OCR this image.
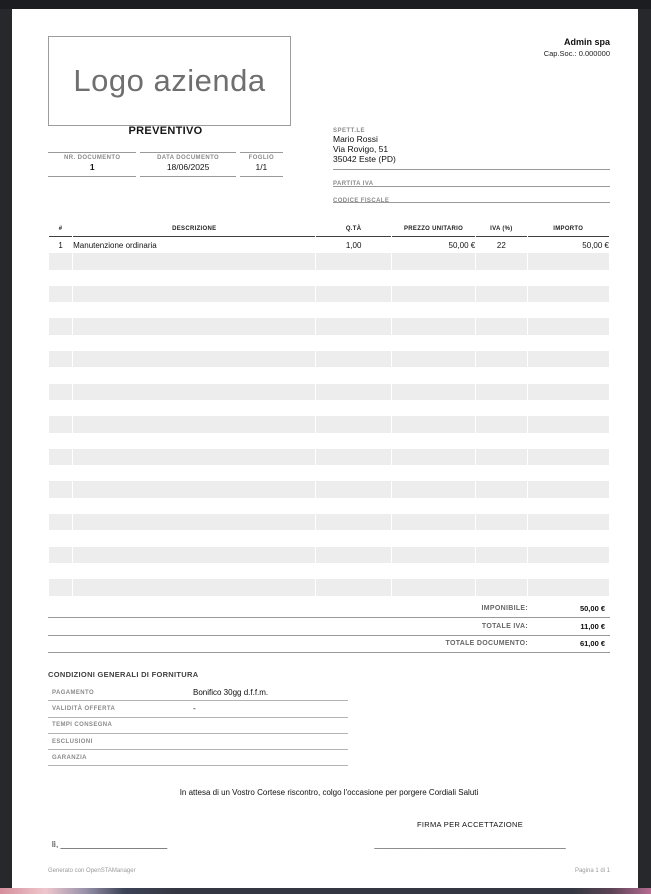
Logo azienda
Admin spa
Cap.Soc.: 0.000000
PREVENTIVO
NR. DOCUMENTO
1
DATA DOCUMENTO
18/06/2025
FOGLIO
1/1
SPETT.LE
Mario Rossi
Via Rovigo, 51
35042 Este (PD)
PARTITA IVA
CODICE FISCALE
#	DESCRIZIONE	Q.TÀ	PREZZO UNITARIO	IVA (%)	IMPORTO
1	Manutenzione ordinaria	1,00	50,00 €	22	50,00 €

IMPONIBILE:	50,00 €
TOTALE IVA:	11,00 €
TOTALE DOCUMENTO:	61,00 €
CONDIZIONI GENERALI DI FORNITURA
PAGAMENTO	Bonifico 30gg d.f.f.m.
VALIDITÀ OFFERTA	-
TEMPI CONSEGNA
ESCLUSIONI
GARANZIA
In attesa di un Vostro Cortese riscontro, colgo l'occasione per porgere Cordiali Saluti
FIRMA PER ACCETTAZIONE
___________________________________________
lì, ________________________
Generato con OpenSTAManager	Pagina 1 di 1
